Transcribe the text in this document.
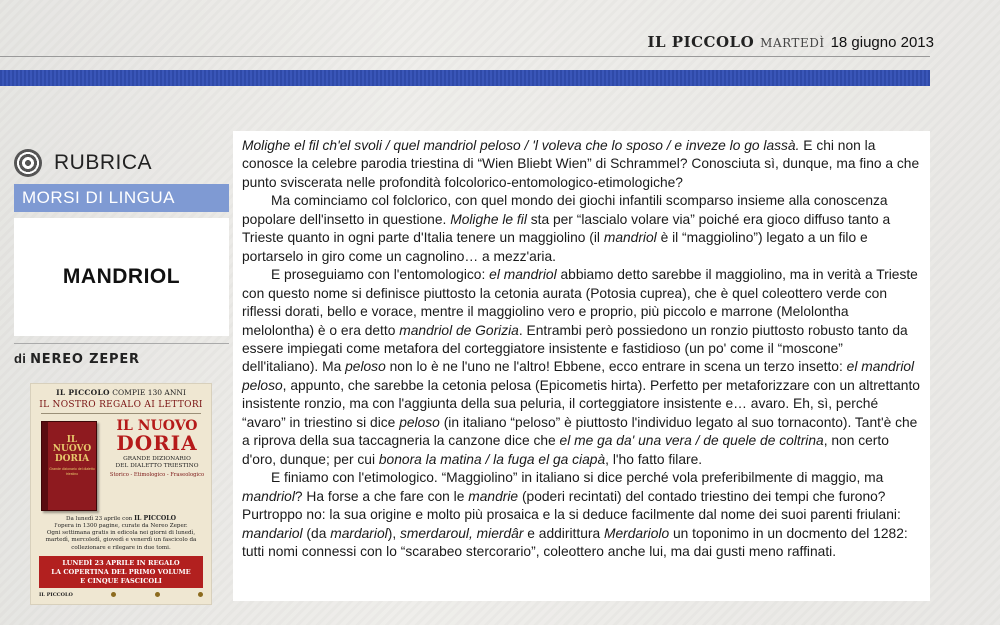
IL PICCOLO MARTEDÌ 18 giugno 2013
RUBRICA
MORSI DI LINGUA
MANDRIOL
di NEREO ZEPER
IL PICCOLO COMPIE 130 ANNI
IL NOSTRO REGALO AI LETTORI
IL NUOVO
DORIA
Grande dizionario del dialetto triestino
IL NUOVO
DORIA
GRANDE DIZIONARIO
DEL DIALETTO TRIESTINO
Storico - Etimologico - Fraseologico
Da lunedì 23 aprile con IL PICCOLO
l'opera in 1300 pagine, curate da Nereo Zeper.
Ogni settimana gratis in edicola nei giorni di lunedì, martedì, mercoledì, giovedì e venerdì un fascicolo da collezionare e rilegare in due tomi.
LUNEDÌ 23 APRILE IN REGALO
LA COPERTINA DEL PRIMO VOLUME
E CINQUE FASCICOLI
IL PICCOLO

Molighe el fil ch'el svoli / quel mandriol peloso / 'l voleva che lo sposo / e inveze lo go lassà. E chi non la conosce la celebre parodia triestina di “Wien Bliebt Wien” di Schrammel? Conosciuta sì, dunque, ma fino a che punto sviscerata nelle profondità folcoloricо-entomologico-etimologiche?

Ma cominciamo col folclorico, con quel mondo dei giochi infantili scomparso insieme alla conoscenza popolare dell'insetto in questione. Molighe le fil sta per “lascialo volare via” poiché era gioco diffuso tanto a Trieste quanto in ogni parte d'Italia tenere un maggiolino (il mandriol è il “maggiolino”) legato a un filo e portarselo in giro come un cagnolino… a mezz'aria.

E proseguiamo con l'entomologico: el mandriol abbiamo detto sarebbe il maggiolino, ma in verità a Trieste con questo nome si definisce piuttosto la cetonia aurata (Potosia cuprea), che è quel coleottero verde con riflessi dorati, bello e vorace, mentre il maggiolino vero e proprio, più piccolo e marrone (Melolontha melolontha) è o era detto mandriol de Gorizia. Entrambi però possiedono un ronzio piuttosto robusto tanto da essere impiegati come metafora del corteggiatore insistente e fastidioso (un po' come il “moscone” dell'italiano). Ma peloso non lo è ne l'uno ne l'altro! Ebbene, ecco entrare in scena un terzo insetto: el mandriol peloso, appunto, che sarebbe la cetonia pelosa (Epicometis hirta). Perfetto per metaforizzare con un altrettanto insistente ronzio, ma con l'aggiunta della sua peluria, il corteggiatore insistente e… avaro. Eh, sì, perché “avaro” in triestino si dice peloso (in italiano “peloso” è piuttosto l'individuo legato al suo tornaconto). Tant'è che a riprova della sua taccagneria la canzone dice che el me ga da' una vera / de quele de coltrina, non certo d'oro, dunque; per cui bonora la matina / la fuga el ga ciapà, l'ho fatto filare.

E finiamo con l'etimologico. “Maggiolino” in italiano si dice perché vola preferibilmente di maggio, ma mandriol? Ha forse a che fare con le mandrie (poderi recintati) del contado triestino dei tempi che furono? Purtroppo no: la sua origine e molto più prosaica e la si deduce facilmente dal nome dei suoi parenti friulani: mandariol (da mardariol), smerdaroul, mierdâr e addirittura Merdariolo un toponimo in un docmento del 1282: tutti nomi connessi con lo “scarabeo stercorario”, coleottero anche lui, ma dai gusti meno raffinati.
